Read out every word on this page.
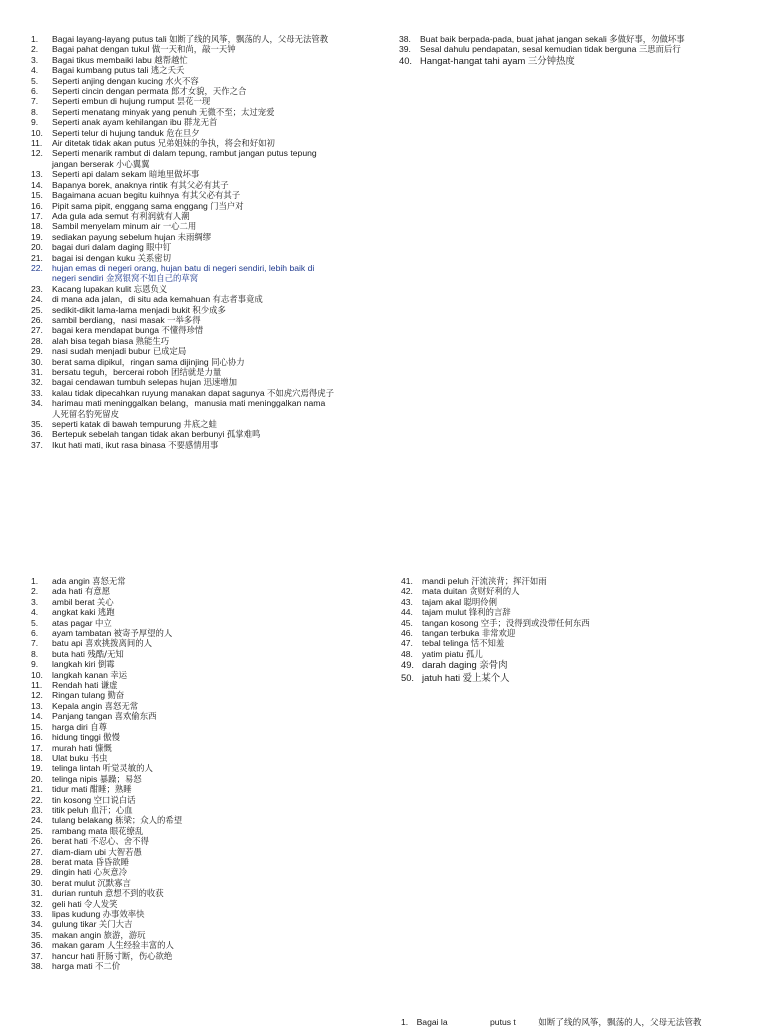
1. Bagai layang-layang putus tali 如断了线的风筝，飘荡的人，父母无法管教
2. Bagai pahat dengan tukul 做一天和尚，敲一天钟
3. Bagai tikus membaiki labu 越帮越忙
4. Bagai kumbang putus tali 逃之夭夭
5. Seperti anjing dengan kucing 水火不容
6. Seperti cincin dengan permata 郎才女貌，天作之合
7. Seperti embun di hujung rumput 昙花一现
8. Seperti menatang minyak yang penuh 无微不至；太过宠爱
9. Seperti anak ayam kehilangan ibu 群龙无首
10. Seperti telur di hujung tanduk 危在旦夕
11. Air ditetak tidak akan putus 兄弟姐妹的争执，将会和好如初
12. Seperti menarik rambut di dalam tepung, rambut jangan putus tepung
jangan berserak 小心翼翼
13. Seperti api dalam sekam 暗地里做坏事
14. Bapanya borek, anaknya rintik 有其父必有其子
15. Bagaimana acuan begitu kuihnya 有其父必有其子
16. Pipit sama pipit, enggang sama enggang 门当户对
17. Ada gula ada semut 有利润就有人潮
18. Sambil menyelam minum air 一心二用
19. sediakan payung sebelum hujan 未雨绸缪
20. bagai duri dalam daging 眼中钉
21. bagai isi dengan kuku 关系密切
22. hujan emas di negeri orang, hujan batu di negeri sendiri, lebih baik di
negeri sendiri 金窝银窝不如自己的草窝
23. Kacang lupakan kulit 忘恩负义
24. di mana ada jalan，di situ ada kemahuan 有志者事竟成
25. sedikit-dikit lama-lama menjadi bukit 积少成多
26. sambil berdiang，nasi masak 一举多得
27. bagai kera mendapat bunga 不懂得珍惜
28. alah bisa tegah biasa 熟能生巧
29. nasi sudah menjadi bubur 已成定局
30. berat sama dipikul，ringan sama dijinjing 同心协力
31. bersatu teguh，bercerai roboh 团结就是力量
32. bagai cendawan tumbuh selepas hujan 迅速增加
33. kalau tidak dipecahkan ruyung manakan dapat sagunya 不如虎穴焉得虎子
34. harimau mati meninggalkan belang，manusia mati meninggalkan nama
人死留名豹死留皮
35. seperti katak di bawah tempurung 井底之蛙
36. Bertepuk sebelah tangan tidak akan berbunyi 孤掌难鸣
37. Ikut hati mati, ikut rasa binasa 不要感情用事
38. Buat baik berpada-pada, buat jahat jangan sekali 多做好事，勿做坏事
39. Sesal dahulu pendapatan, sesal kemudian tidak berguna 三思而后行
40. Hangat-hangat tahi ayam 三分钟热度
1. ada angin 喜怒无常
2. ada hati 有意愿
3. ambil berat 关心
4. angkat kaki 逃跑
5. atas pagar 中立
6. ayam tambatan 被寄予厚望的人
7. batu api 喜欢挑拨离间的人
8. buta hati 残酷/无知
9. langkah kiri 倒霉
10. langkah kanan 幸运
11. Rendah hati 谦虚
12. Ringan tulang 勤奋
13. Kepala angin 喜怒无常
14. Panjang tangan 喜欢偷东西
15. harga diri 自尊
16. hidung tinggi 傲慢
17. murah hati 慷慨
18. Ulat buku 书虫
19. telinga lintah 听觉灵敏的人
20. telinga nipis 暴躁；易怒
21. tidur mati 酣睡；熟睡
22. tin kosong 空口说白话
23. titik peluh 血汗；心血
24. tulang belakang 栋梁；众人的希望
25. rambang mata 眼花缭乱
26. berat hati 不忍心、舍不得
27. diam-diam ubi 大智若愚
28. berat mata 昏昏欲睡
29. dingin hati 心灰意冷
30. berat mulut 沉默寡言
31. durian runtuh 意想不到的收获
32. geli hati 令人发笑
33. lipas kudung 办事效率快
34. gulung tikar 关门大吉
35. makan angin 旅游，游玩
36. makan garam 人生经验丰富的人
37. hancur hati 肝肠寸断，伤心欲绝
38. harga mati 不二价
41. mandi peluh 汗流浃背；挥汗如雨
42. mata duitan 贪财好利的人
43. tajam akal 聪明伶俐
44. tajam mulut 锋利的言辞
45. tangan kosong 空手；没得到或没带任何东西
46. tangan terbuka 非常欢迎
47. tebal telinga 恬不知羞
48. yatim piatu 孤儿
49. darah daging 亲骨肉
50. jatuh hati 爱上某个人
1. Bagai la	putus t	如断了线的风筝，飘荡的人，父母无法管教
